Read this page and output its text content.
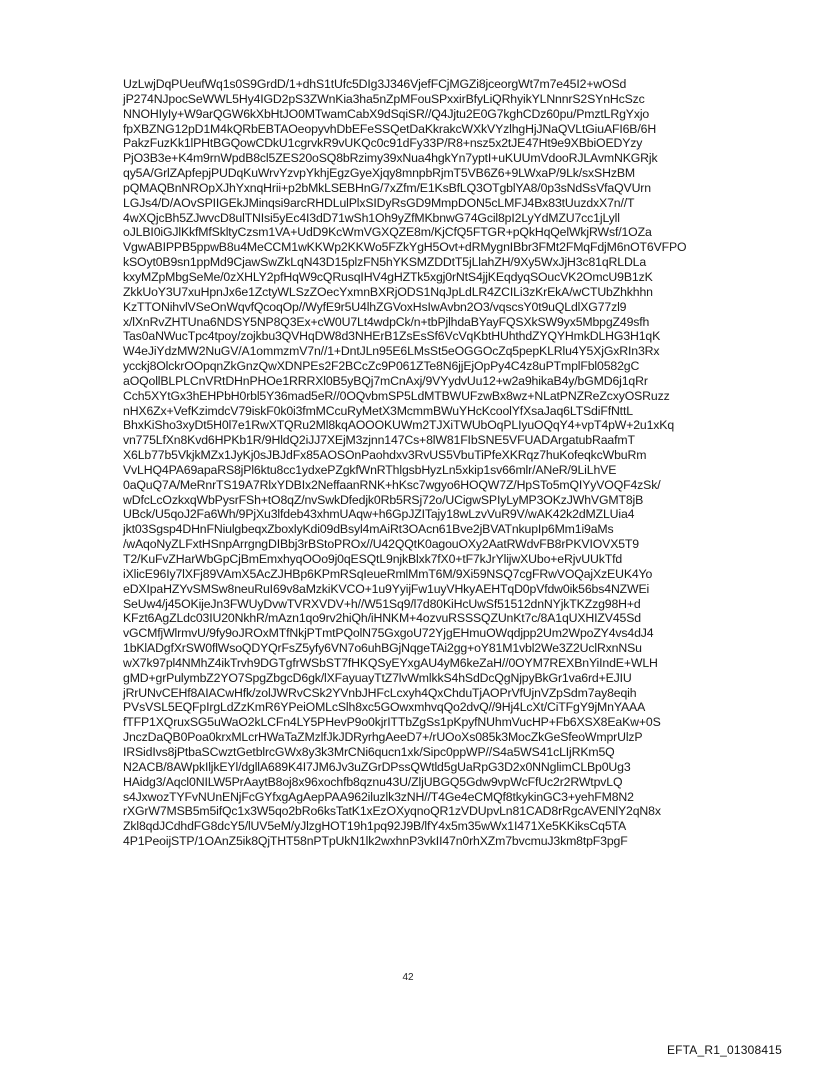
UzLwjDqPUeufWq1s0S9GrdD/1+dhS1tUfc5DIg3J346VjefFCjMGZi8jceorgWt7m7e45I2+wOSd
jP274NJpocSeWWL5Hy4IGD2pS3ZWnKia3ha5nZpMFouSPxxirBfyLiQRhyikYLNnnrS2SYnHcSzc
NNOHIyIy+W9arQGW6kXbHtJO0MTwamCabX9dSqiSR//Q4Jjtu2E0G7kghCDz60pu/PmztLRgYxjo
fpXBZNG12pD1M4kQRbEBTAOeopyvhDbEFeSSQetDaKkrakcWXkVYzlhgHjJNaQVLtGiuAFI6B/6H
PakzFuzKk1lPHtBGQowCDkU1cgrvkR9vUKQc0c91dFy33P/R8+nsz5x2tJE47Ht9e9XBbiOEDYzy
PjO3B3e+K4m9rnWpdB8cl5ZES20oSQ8bRzimy39xNua4hgkYn7yptI+uKUUmVdooRJLAvmNKGRjk
qy5A/GrlZApfepjPUDqKuWrvYzvpYkhjEgzGyeXjqy8mnpbRjmT5VB6Z6+9LWxaP/9Lk/sxSHzBM
pQMAQBnNROpXJhYxnqHrii+p2bMkLSEBHnG/7xZfm/E1KsBfLQ3OTgblYA8/0p3sNdSsVfaQVUrn
LGJs4/D/AOvSPIIGEkJMinqsi9arcRHDLulPlxSIDyRsGD9MmpDON5cLMFJ4Bx83tUuzdxX7n//T
4wXQjcBh5ZJwvcD8ulTNIsi5yEc4I3dD71wSh1Oh9yZfMKbnwG74Gcil8pI2LyYdMZU7cc1jLyll
oJLBI0iGJlKkfMfSkltyCzsm1VA+UdD9KcWmVGXQZE8m/KjCfQ5FTGR+pQkHqQelWkjRWsf/1OZa
VgwABIPPB5ppwB8u4MeCCM1wKKWp2KKWo5FZkYgH5Ovt+dRMygnIBbr3FMt2FMqFdjM6nOT6VFPO
kSOyt0B9sn1ppMd9CjawSwZkLqN43D15plzFN5hYKSMZDDtT5jLlahZH/9Xy5WxJjH3c81qRLDLa
kxyMZpMbgSeMe/0zXHLY2pfHqW9cQRusqIHV4gHZTk5xgj0rNtS4jjKEqdyqSOucVK2OmcU9B1zK
ZkkUoY3U7xuHpnJx6e1ZctyWLSzZOecYxmnBXRjODS1NqJpLdLR4ZCILi3zKrEkA/wCTUbZhkhhn
KzTTONihvlVSeOnWqvfQcoqOp//WyfE9r5U4lhZGVoxHsIwAvbn2O3/vqscsY0t9uQLdlXG77zl9
x/lXnRvZHTUna6NDSY5NP8Q3Ex+cW0U7Lt4wdpCk/n+tbPjlhdaBYayFQSXkSW9yx5MbpgZ49sfh
Tas0aNWucTpc4tpoy/zojkbu3QVHqDW8d3NHErB1ZsEsSf6VcVqKbtHUhthdZYQYHmkDLHG3H1qK
W4eJiYdzMW2NuGV/A1ommzmV7n//1+DntJLn95E6LMsSt5eOGGOcZq5pepKLRlu4Y5XjGxRIn3Rx
ycckj8OlckrOOpqnZkGnzQwXDNPEs2F2BCcZc9P061ZTe8N6jjEjOpPy4C4z8uPTmplFbl0582gC
aOQollBLPLCnVRtDHnPHOe1RRRXl0B5yBQj7mCnAxj/9VYydvUu12+w2a9hikaB4y/bGMD6j1qRr
Cch5XYtGx3hEHPbH0rbl5Y36mad5eR//0OQvbmSP5LdMTBWUFzwBx8wz+NLatPNZReZcxyOSRuzz
nHX6Zx+VefKzimdcV79iskF0k0i3fmMCcuRyMetX3McmmBWuYHcKcoolYfXsaJaq6LTSdiFfNttL
BhxKiSho3xyDt5H0l7e1RwXTQRu2Ml8kqAOOOKUWm2TJXiTWUbOqPLIyuOQqY4+vpT4pW+2u1xKq
vn775LfXn8Kvd6HPKb1R/9HldQ2iJJ7XEjM3zjnn147Cs+8lW81FIbSNE5VFUADArgatubRaafmT
X6Lb77b5VkjkMZx1JyKj0sJBJdFx85AOSOnPaohdxv3RvUS5VbuTiPfeXKRqz7huKofeqkcWbuRm
VvLHQ4PA69apaRS8jPl6ktu8cc1ydxePZgkfWnRThlgsbHyzLn5xkip1sv66mlr/ANeR/9LiLhVE
0aQuQ7A/MeRnrTS19A7RlxYDBIx2NeffaanRNK+hKsc7wgyo6HOQW7Z/HpSTo5mQIYyVOQF4zSk/
wDfcLcOzkxqWbPysrFSh+tO8qZ/nvSwkDfedjk0Rb5RSj72o/UCigwSPIyLyMP3OKzJWhVGMT8jB
UBck/U5qoJ2Fa6Wh/9PjXu3lfdeb43xhmUAqw+h6GpJZITajy18wLzvVuR9V/wAK42k2dMZLUia4
jkt03Sgsp4DHnFNiulgbeqxZboxlyKdi09dBsyl4mAiRt3OAcn61Bve2jBVATnkupIp6Mm1i9aMs
/wAqoNyZLFxtHSnpArrgngDIBbj3rBStoPROx//U42QQtK0agouOXy2AatRWdvFB8rPKVIOVX5T9
T2/KuFvZHarWbGpCjBmEmxhyqOOo9j0qESQtL9njkBlxk7fX0+tF7kJrYlijwXUbo+eRjvUUkTfd
iXlicE96Iy7lXFj89VAmX5AcZJHBp6KPmRSqIeueRmlMmT6M/9Xi59NSQ7cgFRwVOQajXzEUK4Yo
eDXIpaHZYvSMSw8neuRuI69v8aMzkiKVCO+1u9YyijFw1uyVHkyAEHTqD0pVfdw0ik56bs4NZWEi
SeUw4/j45OKijeJn3FWUyDvwTVRXVDV+h//W51Sq9/l7d80KiHcUwSf51512dnNYjkTKZzg98H+d
KFzt6AgZLdc03IU20NkhR/mAzn1qo9rv2hiQh/iHNKM+4ozvuRSSSQZUnKt7c/8A1qUXHIZV45Sd
vGCMfjWlrmvU/9fy9oJROxMTfNkjPTmtPQolN75GxgoU72YjgEHmuOWqdjpp2Um2WpoZY4vs4dJ4
1bKlADgfXrSW0flWsoQDYQrFsZ5yfy6VN7o6uhBGjNqgeTAi2gg+oY81M1vbl2We3Z2UclRxnNSu
wX7k97pl4NMhZ4ikTrvh9DGTgfrWSbST7fHKQSyEYxgAU4yM6keZaH//0OYM7REXBnYiIndE+WLH
gMD+grPulymbZ2YO7SpgZbgcD6gk/lXFayuayTtZ7lvWmlkkS4hSdDcQgNjpyBkGr1va6rd+EJIU
jRrUNvCEHf8AIACwHfk/zolJWRvCSk2YVnbJHFcLcxyh4QxChduTjAOPrVfUjnVZpSdm7ay8eqih
PVsVSL5EQFpIrgLdZzKmR6YPeiOMLcSlh8xc5GOwxmhvqQo2dvQ//9Hj4LcXt/CiTFgY9jMnYAAA
fTFP1XQruxSG5uWaO2kLCFn4LY5PHevP9o0kjrITTbZgSs1pKpyfNUhmVucHP+Fb6XSX8EaKw+0S
JnczDaQB0Poa0krxMLcrHWaTaZMzlfJkJDRyrhgAeeD7+/rUOoXs085k3MocZkGeSfeoWmprUlzP
IRSidIvs8jPtbaSCwztGetblrcGWx8y3k3MrCNi6qucn1xk/Sipc0ppWP//S4a5WS41cLIjRKm5Q
N2ACB/8AWpkIljkEYl/dgllA689K4I7JM6Jv3uZGrDPssQWtld5gUaRpG3D2x0NNglimCLBp0Ug3
HAidg3/Aqcl0NILW5PrAaytB8oj8x96xochfb8qznu43U/ZljUBGQ5Gdw9vpWcFfUc2r2RWtpvLQ
s4JxwozTYFvNUnENjFcGYfxgAgAepPAA962iluzlk3zNH//T4Ge4eCMQf8tkykinGC3+yehFM8N2
rXGrW7MSB5m5ifQc1x3W5qo2bRo6ksTatK1xEzOXyqnoQR1zVDUpvLn81CAD8rRgcAVENlY2qN8x
Zkl8qdJCdhdFG8dcY5/lUV5eM/yJlzgHOT19h1pq92J9B/lfY4x5m35wWx1I471Xe5KKiksCq5TA
4P1PeoijSTP/1OAnZ5ik8QjTHT58nPTpUkN1lk2wxhnP3vkII47n0rhXZm7bvcmuJ3km8tpF3pgF
42
EFTA_R1_01308415
